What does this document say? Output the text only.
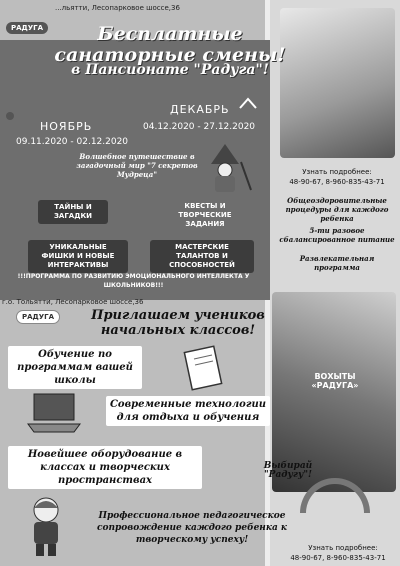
...льятти, Лесопарковое шоссе,36
РАДУГА	Бесплатные санаторные смены!
в Пансионате "Радуга"!
НОЯБРЬ
09.11.2020 - 02.12.2020
ДЕКАБРЬ
04.12.2020 - 27.12.2020
Волшебное путешествие в загадочный мир "7 секретов Мудреца"
ТАЙНЫ И ЗАГАДКИ
КВЕСТЫ И ТВОРЧЕСКИЕ ЗАДАНИЯ
УНИКАЛЬНЫЕ ФИШКИ И НОВЫЕ ИНТЕРАКТИВЫ
МАСТЕРСКИЕ ТАЛАНТОВ И СПОСОБНОСТЕЙ
!!!ПРОГРАММА ПО РАЗВИТИЮ ЭМОЦИОНАЛЬНОГО ИНТЕЛЛЕКТА У ШКОЛЬНИКОВ!!!
Узнать подробнее:
48-90-67, 8-960-835-43-71
Общеоздоровительные процедуры для каждого ребенка
5-ти разовое сбалансированное питание
Развлекательная программа
г.о. Тольятти, Лесопарковое шоссе,36
РАДУГА	Приглашаем учеников начальных классов!
Обучение по программам вашей школы
Современные технологии для отдыха и обучения
Новейшее оборудование в классах и творческих пространствах
Профессиональное педагогическое сопровождение каждого ребенка к творческому успеху!
ВОХЫТЫ «РАДУГА»
Выбирай "Радугу"!
Узнать подробнее:
48-90-67, 8-960-835-43-71
